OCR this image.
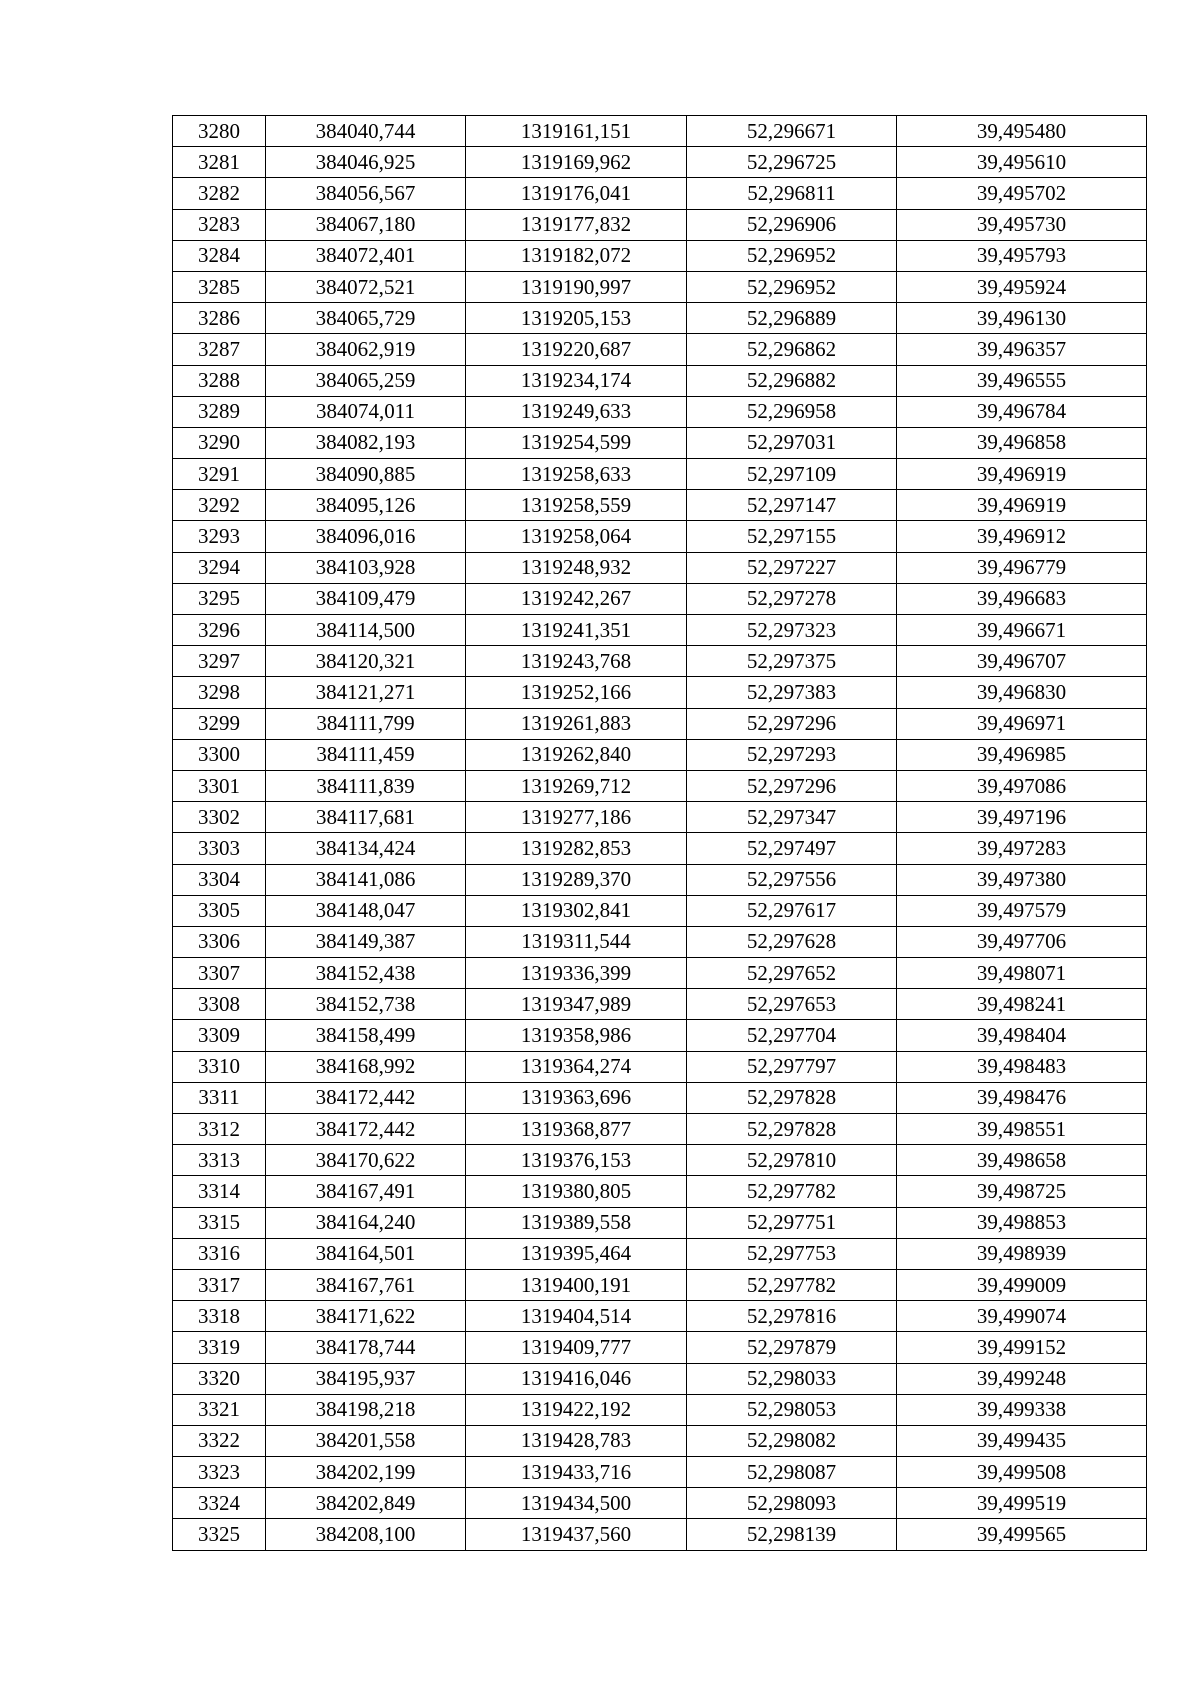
3280	384040,744	1319161,151	52,296671	39,495480
3281	384046,925	1319169,962	52,296725	39,495610
3282	384056,567	1319176,041	52,296811	39,495702
3283	384067,180	1319177,832	52,296906	39,495730
3284	384072,401	1319182,072	52,296952	39,495793
3285	384072,521	1319190,997	52,296952	39,495924
3286	384065,729	1319205,153	52,296889	39,496130
3287	384062,919	1319220,687	52,296862	39,496357
3288	384065,259	1319234,174	52,296882	39,496555
3289	384074,011	1319249,633	52,296958	39,496784
3290	384082,193	1319254,599	52,297031	39,496858
3291	384090,885	1319258,633	52,297109	39,496919
3292	384095,126	1319258,559	52,297147	39,496919
3293	384096,016	1319258,064	52,297155	39,496912
3294	384103,928	1319248,932	52,297227	39,496779
3295	384109,479	1319242,267	52,297278	39,496683
3296	384114,500	1319241,351	52,297323	39,496671
3297	384120,321	1319243,768	52,297375	39,496707
3298	384121,271	1319252,166	52,297383	39,496830
3299	384111,799	1319261,883	52,297296	39,496971
3300	384111,459	1319262,840	52,297293	39,496985
3301	384111,839	1319269,712	52,297296	39,497086
3302	384117,681	1319277,186	52,297347	39,497196
3303	384134,424	1319282,853	52,297497	39,497283
3304	384141,086	1319289,370	52,297556	39,497380
3305	384148,047	1319302,841	52,297617	39,497579
3306	384149,387	1319311,544	52,297628	39,497706
3307	384152,438	1319336,399	52,297652	39,498071
3308	384152,738	1319347,989	52,297653	39,498241
3309	384158,499	1319358,986	52,297704	39,498404
3310	384168,992	1319364,274	52,297797	39,498483
3311	384172,442	1319363,696	52,297828	39,498476
3312	384172,442	1319368,877	52,297828	39,498551
3313	384170,622	1319376,153	52,297810	39,498658
3314	384167,491	1319380,805	52,297782	39,498725
3315	384164,240	1319389,558	52,297751	39,498853
3316	384164,501	1319395,464	52,297753	39,498939
3317	384167,761	1319400,191	52,297782	39,499009
3318	384171,622	1319404,514	52,297816	39,499074
3319	384178,744	1319409,777	52,297879	39,499152
3320	384195,937	1319416,046	52,298033	39,499248
3321	384198,218	1319422,192	52,298053	39,499338
3322	384201,558	1319428,783	52,298082	39,499435
3323	384202,199	1319433,716	52,298087	39,499508
3324	384202,849	1319434,500	52,298093	39,499519
3325	384208,100	1319437,560	52,298139	39,499565
